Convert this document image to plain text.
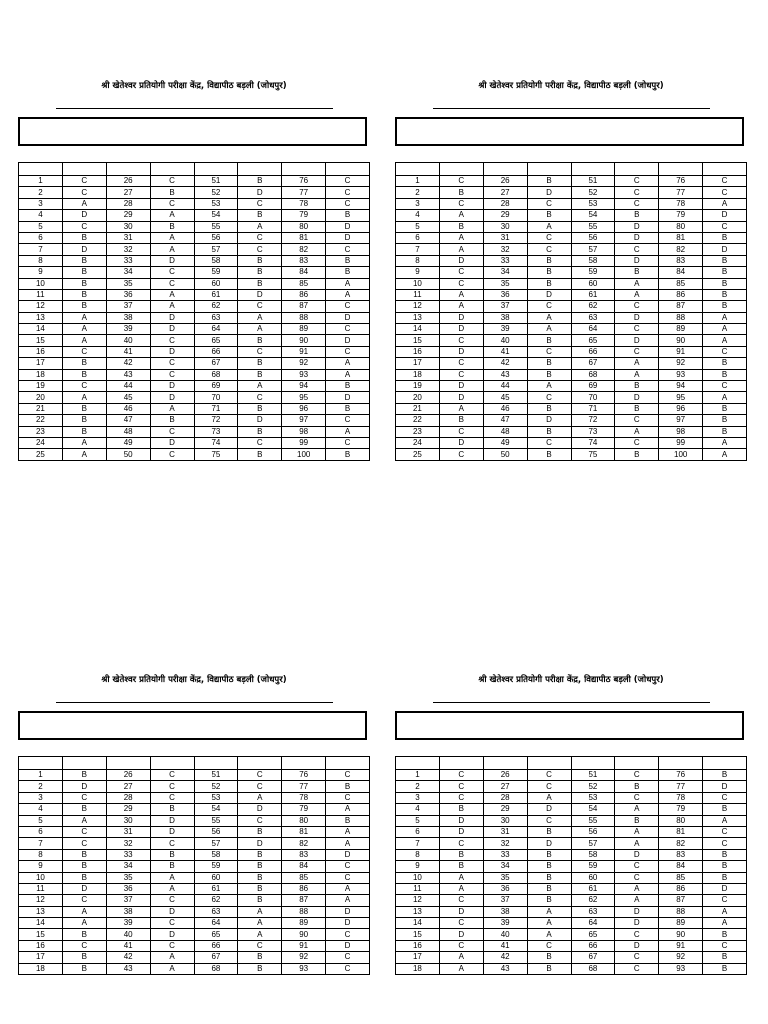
श्री खेतेश्वर प्रतियोगी परीक्षा केंद्र, विद्यापीठ बड़ली (जोधपुर)

1	C	26	C	51	B	76	C
2	C	27	B	52	D	77	C
3	A	28	C	53	C	78	C
4	D	29	A	54	B	79	B
5	C	30	B	55	A	80	D
6	B	31	A	56	C	81	D
7	D	32	A	57	C	82	C
8	B	33	D	58	B	83	B
9	B	34	C	59	B	84	B
10	B	35	C	60	B	85	A
11	B	36	A	61	D	86	A
12	B	37	A	62	C	87	C
13	A	38	D	63	A	88	D
14	A	39	D	64	A	89	C
15	A	40	C	65	B	90	D
16	C	41	D	66	C	91	C
17	B	42	C	67	B	92	A
18	B	43	C	68	B	93	A
19	C	44	D	69	A	94	B
20	A	45	D	70	C	95	D
21	B	46	A	71	B	96	B
22	B	47	B	72	D	97	C
23	B	48	C	73	B	98	A
24	A	49	D	74	C	99	C
25	A	50	C	75	B	100	B
श्री खेतेश्वर प्रतियोगी परीक्षा केंद्र, विद्यापीठ बड़ली (जोधपुर)

1	C	26	B	51	C	76	C
2	B	27	D	52	C	77	C
3	C	28	C	53	C	78	A
4	A	29	B	54	B	79	D
5	B	30	A	55	D	80	C
6	A	31	C	56	D	81	B
7	A	32	C	57	C	82	D
8	D	33	B	58	D	83	B
9	C	34	B	59	B	84	B
10	C	35	B	60	A	85	B
11	A	36	D	61	A	86	B
12	A	37	C	62	C	87	B
13	D	38	A	63	D	88	A
14	D	39	A	64	C	89	A
15	C	40	B	65	D	90	A
16	D	41	C	66	C	91	C
17	C	42	B	67	A	92	B
18	C	43	B	68	A	93	B
19	D	44	A	69	B	94	C
20	D	45	C	70	D	95	A
21	A	46	B	71	B	96	B
22	B	47	D	72	C	97	B
23	C	48	B	73	A	98	B
24	D	49	C	74	C	99	A
25	C	50	B	75	B	100	A
श्री खेतेश्वर प्रतियोगी परीक्षा केंद्र, विद्यापीठ बड़ली (जोधपुर)

1	B	26	C	51	C	76	C
2	D	27	C	52	C	77	B
3	C	28	C	53	A	78	C
4	B	29	B	54	D	79	A
5	A	30	D	55	C	80	B
6	C	31	D	56	B	81	A
7	C	32	C	57	D	82	A
8	B	33	B	58	B	83	D
9	B	34	B	59	B	84	C
10	B	35	A	60	B	85	C
11	D	36	A	61	B	86	A
12	C	37	C	62	B	87	A
13	A	38	D	63	A	88	D
14	A	39	C	64	A	89	D
15	B	40	D	65	A	90	C
16	C	41	C	66	C	91	D
17	B	42	A	67	B	92	C
18	B	43	A	68	B	93	C
श्री खेतेश्वर प्रतियोगी परीक्षा केंद्र, विद्यापीठ बड़ली (जोधपुर)

1	C	26	C	51	C	76	B
2	C	27	C	52	B	77	D
3	C	28	A	53	C	78	C
4	B	29	D	54	A	79	B
5	D	30	C	55	B	80	A
6	D	31	B	56	A	81	C
7	C	32	D	57	A	82	C
8	B	33	B	58	D	83	B
9	B	34	B	59	C	84	B
10	A	35	B	60	C	85	B
11	A	36	B	61	A	86	D
12	C	37	B	62	A	87	C
13	D	38	A	63	D	88	A
14	C	39	A	64	D	89	A
15	D	40	A	65	C	90	B
16	C	41	C	66	D	91	C
17	A	42	B	67	C	92	B
18	A	43	B	68	C	93	B
